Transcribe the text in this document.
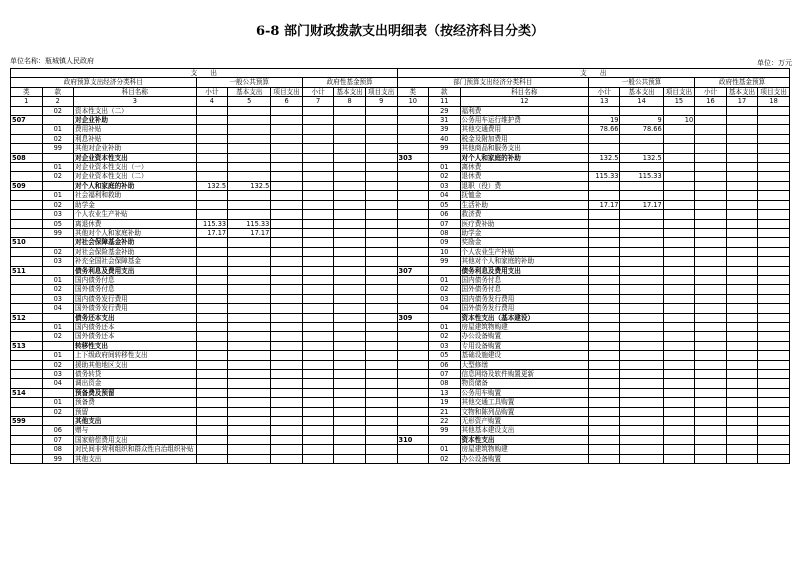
6-8 部门财政拨款支出明细表（按经济科目分类）
单位名称：瓶城镇人民政府	单位：万元
支　　出									支　　出								
政府预算支出经济分类科目			一般公共预算			政府性基金预算			部门预算支出经济分类科目			一般公共预算			政府性基金预算		
类	款	科目名称	小计	基本支出	项目支出	小计	基本支出	项目支出	类	款	科目名称	小计	基本支出	项目支出	小计	基本支出	项目支出
1	2	3	4	5	6	7	8	9	10	11	12	13	14	15	16	17	18
	02	资本性支出（二）								29	福利费						
507		对企业补助								31	公务用车运行维护费	19	9	10			
	01	费用补贴								39	其他交通费用	78.66	78.66				
	02	利息补贴								40	税金及附加费用						
	99	其他对企业补助								99	其他商品和服务支出						
508		对企业资本性支出							303		对个人和家庭的补助	132.5	132.5				
	01	对企业资本性支出（一）								01	离休费						
	02	对企业资本性支出（二）								02	退休费	115.33	115.33				
509		对个人和家庭的补助	132.5	132.5						03	退职（役）费						
	01	社会福利和救助								04	抚恤金						
	02	助学金								05	生活补助	17.17	17.17				
	03	个人农业生产补贴								06	救济费						
	05	离退休费	115.33	115.33						07	医疗费补助						
	99	其他对个人和家庭补助	17.17	17.17						08	助学金						
510		对社会保障基金补助								09	奖励金						
	02	对社会保险基金补助								10	个人农业生产补贴						
	03	补充全国社会保障基金								99	其他对个人和家庭的补助						
511		债务利息及费用支出							307		债务利息及费用支出						
	01	国内债务付息								01	国内债务付息						
	02	国外债务付息								02	国外债务付息						
	03	国内债务发行费用								03	国内债务发行费用						
	04	国外债务发行费用								04	国外债务发行费用						
512		债务还本支出							309		资本性支出（基本建设）						
	01	国内债务还本								01	房屋建筑物购建						
	02	国外债务还本								02	办公设备购置						
513		转移性支出								03	专用设备购置						
	01	上下级政府间转移性支出								05	基础设施建设						
	02	援助其他地区支出								06	大型修缮						
	03	债务转贷								07	信息网络及软件购置更新						
	04	调出资金								08	物资储备						
514		预备费及预留								13	公务用车购置						
	01	预备费								19	其他交通工具购置						
	02	预留								21	文物和陈列品购置						
599		其他支出								22	无形资产购置						
	06	赠与								99	其他基本建设支出						
	07	国家赔偿费用支出							310		资本性支出						
	08	对民间非营利组织和群众性自治组织补贴								01	房屋建筑物购建						
	99	其他支出								02	办公设备购置						
